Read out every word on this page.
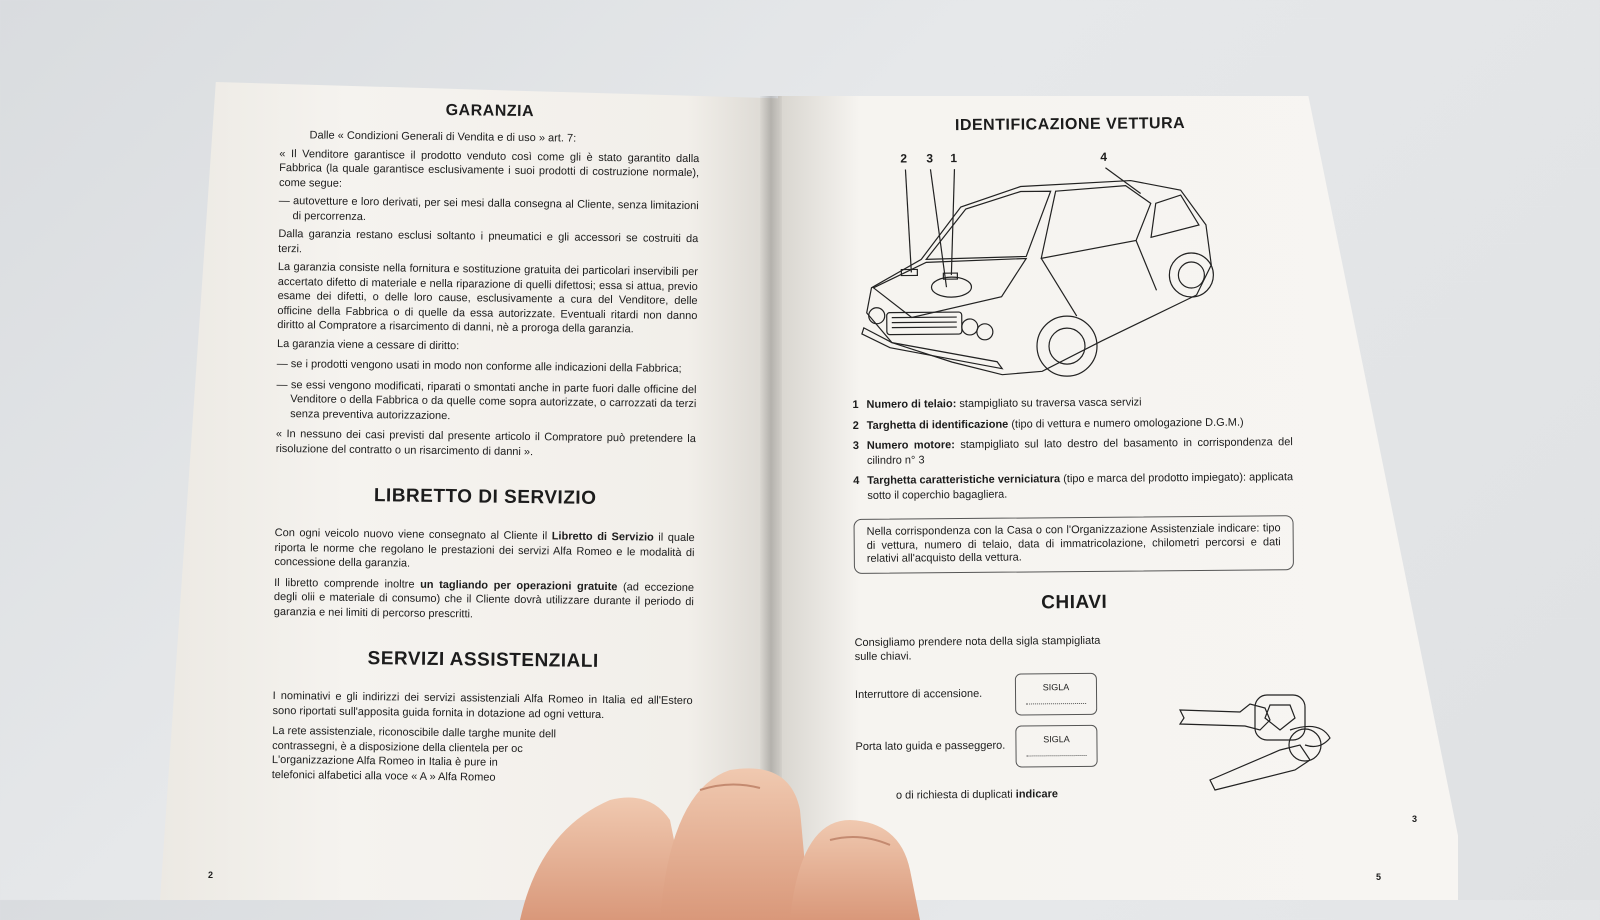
GARANZIA

Dalle « Condizioni Generali di Vendita e di uso » art. 7:

« Il Venditore garantisce il prodotto venduto così come gli è stato garantito dalla Fabbrica (la quale garantisce esclusivamente i suoi prodotti di costruzione normale), come segue:

— autovetture e loro derivati, per sei mesi dalla consegna al Cliente, senza limitazioni di percorrenza.

Dalla garanzia restano esclusi soltanto i pneumatici e gli accessori se costruiti da terzi.

La garanzia consiste nella fornitura e sostituzione gratuita dei particolari inservibili per accertato difetto di materiale e nella riparazione di quelli difettosi; essa si attua, previo esame dei difetti, o delle loro cause, esclusivamente a cura del Venditore, delle officine della Fabbrica o di quelle da essa autorizzate. Eventuali ritardi non danno diritto al Compratore a risarcimento di danni, nè a proroga della garanzia.

La garanzia viene a cessare di diritto:

— se i prodotti vengono usati in modo non conforme alle indicazioni della Fabbrica;
— se essi vengono modificati, riparati o smontati anche in parte fuori dalle officine del Venditore o della Fabbrica o da quelle come sopra autorizzate, o carrozzati da terzi senza preventiva autorizzazione.

« In nessuno dei casi previsti dal presente articolo il Compratore può pretendere la risoluzione del contratto o un risarcimento di danni ».

LIBRETTO DI SERVIZIO

Con ogni veicolo nuovo viene consegnato al Cliente il Libretto di Servizio il quale riporta le norme che regolano le prestazioni dei servizi Alfa Romeo e le modalità di concessione della garanzia.

Il libretto comprende inoltre un tagliando per operazioni gratuite (ad eccezione degli olii e materiale di consumo) che il Cliente dovrà utilizzare durante il periodo di garanzia e nei limiti di percorso prescritti.

SERVIZI ASSISTENZIALI

I nominativi e gli indirizzi dei servizi assistenziali Alfa Romeo in Italia ed all'Estero sono riportati sull'apposita guida fornita in dotazione ad ogni vettura.

La rete assistenziale, riconoscibile dalle targhe munite dell

contrassegni, è a disposizione della clientela per oc

L'organizzazione Alfa Romeo in Italia è pure in

telefonici alfabetici alla voce « A » Alfa Romeo

2
IDENTIFICAZIONE VETTURA
2 3 1	4
1 Numero di telaio: stampigliato su traversa vasca servizi
2 Targhetta di identificazione (tipo di vettura e numero omologazione D.G.M.)
3 Numero motore: stampigliato sul lato destro del basamento in corrispondenza del cilindro n° 3
4 Targhetta caratteristiche verniciatura (tipo e marca del prodotto impiegato): applicata sotto il coperchio bagagliera.
Nella corrispondenza con la Casa o con l'Organizzazione Assistenziale indicare: tipo di vettura, numero di telaio, data di immatricolazione, chilometri percorsi e dati relativi all'acquisto della vettura.
CHIAVI

Consigliamo prendere nota della sigla stampigliata sulle chiavi.

Interruttore di accensione.
SIGLA
Porta lato guida e passeggero.
SIGLA

o di richiesta di duplicati indicare

3
5
